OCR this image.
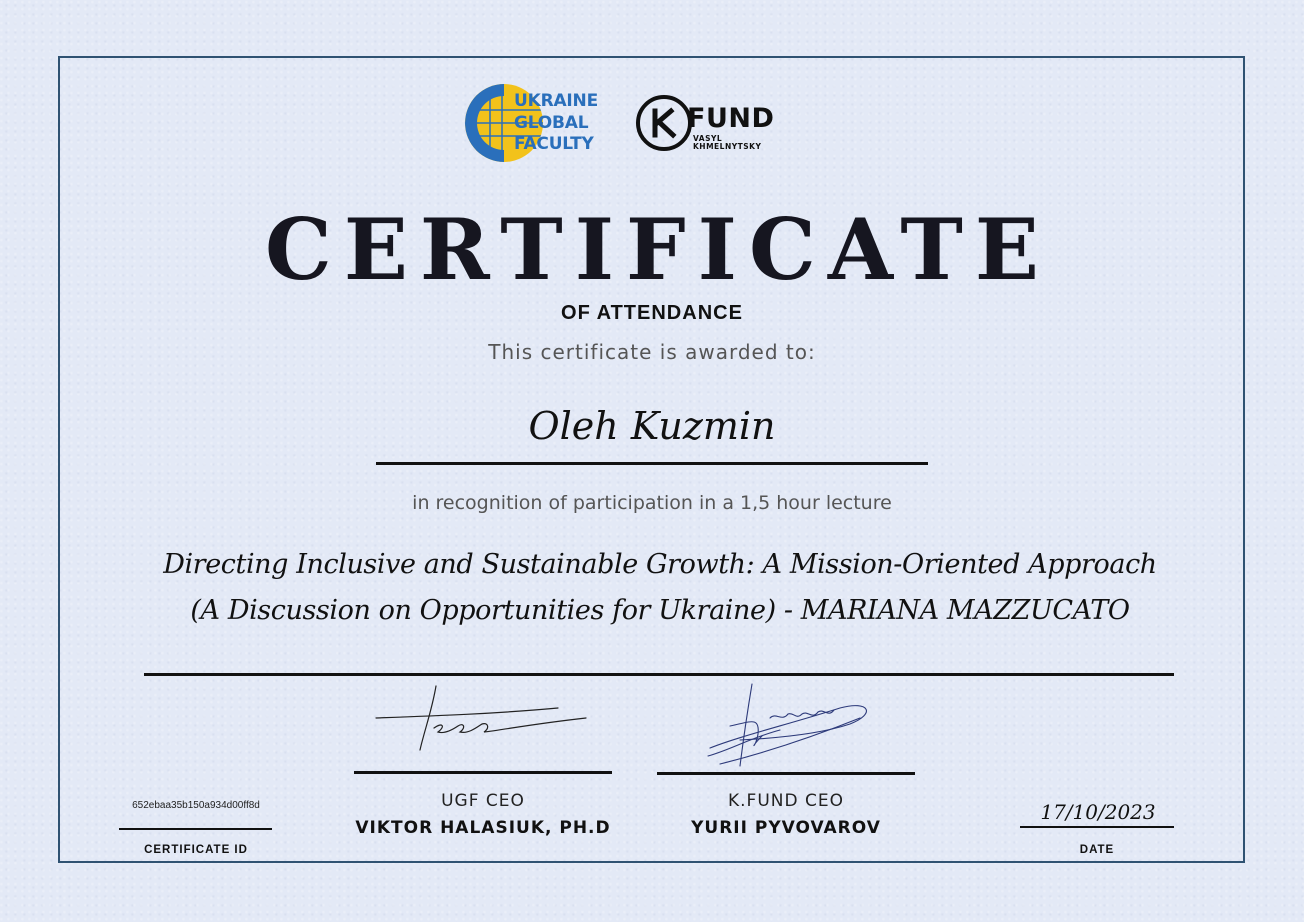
UKRAINE
GLOBAL
FACULTY
FUND
VASYL
KHMELNYTSKY
CERTIFICATE
OF ATTENDANCE
This certificate is awarded to:
Oleh Kuzmin
in recognition of participation in a 1,5 hour lecture
Directing Inclusive and Sustainable Growth: A Mission-Oriented Approach
(A Discussion on Opportunities for Ukraine) - MARIANA MAZZUCATO
UGF CEO	K.FUND CEO
VIKTOR HALASIUK, PH.D	YURII PYVOVAROV
652ebaa35b150a934d00ff8d
CERTIFICATE ID
17/10/2023
DATE
